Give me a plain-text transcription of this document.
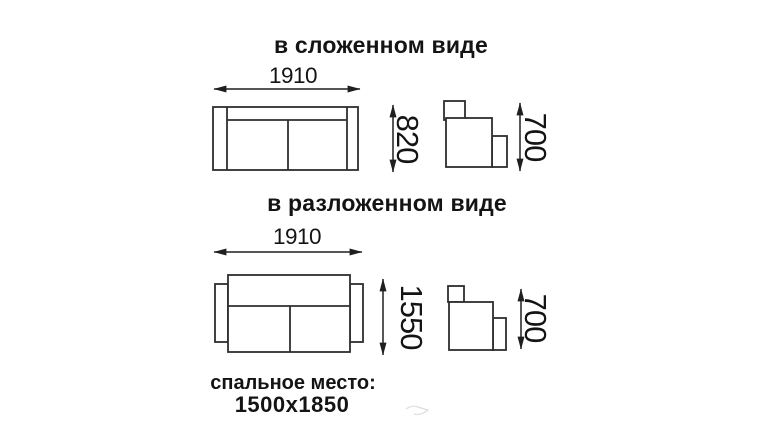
в сложенном виде
1910
820	700
в разложенном виде
1910
1550	700
спальное место:
1500x1850
